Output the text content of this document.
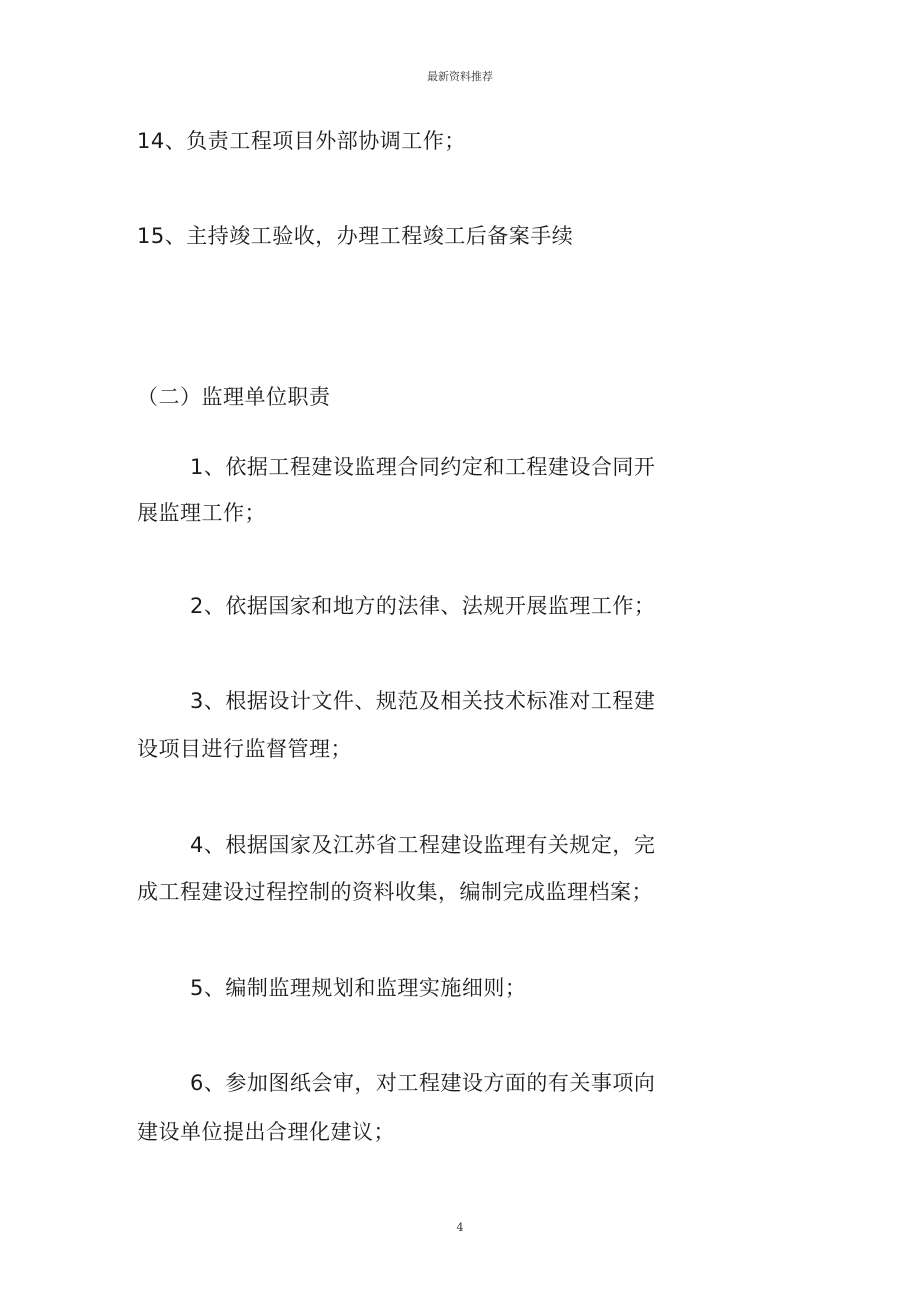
最新资料推荐
14、负责工程项目外部协调工作；
15、主持竣工验收，办理工程竣工后备案手续
（二）监理单位职责
1、依据工程建设监理合同约定和工程建设合同开
展监理工作；
2、依据国家和地方的法律、法规开展监理工作；
3、根据设计文件、规范及相关技术标准对工程建
设项目进行监督管理；
4、根据国家及江苏省工程建设监理有关规定，完
成工程建设过程控制的资料收集，编制完成监理档案；
5、编制监理规划和监理实施细则；
6、参加图纸会审，对工程建设方面的有关事项向
建设单位提出合理化建议；
4
